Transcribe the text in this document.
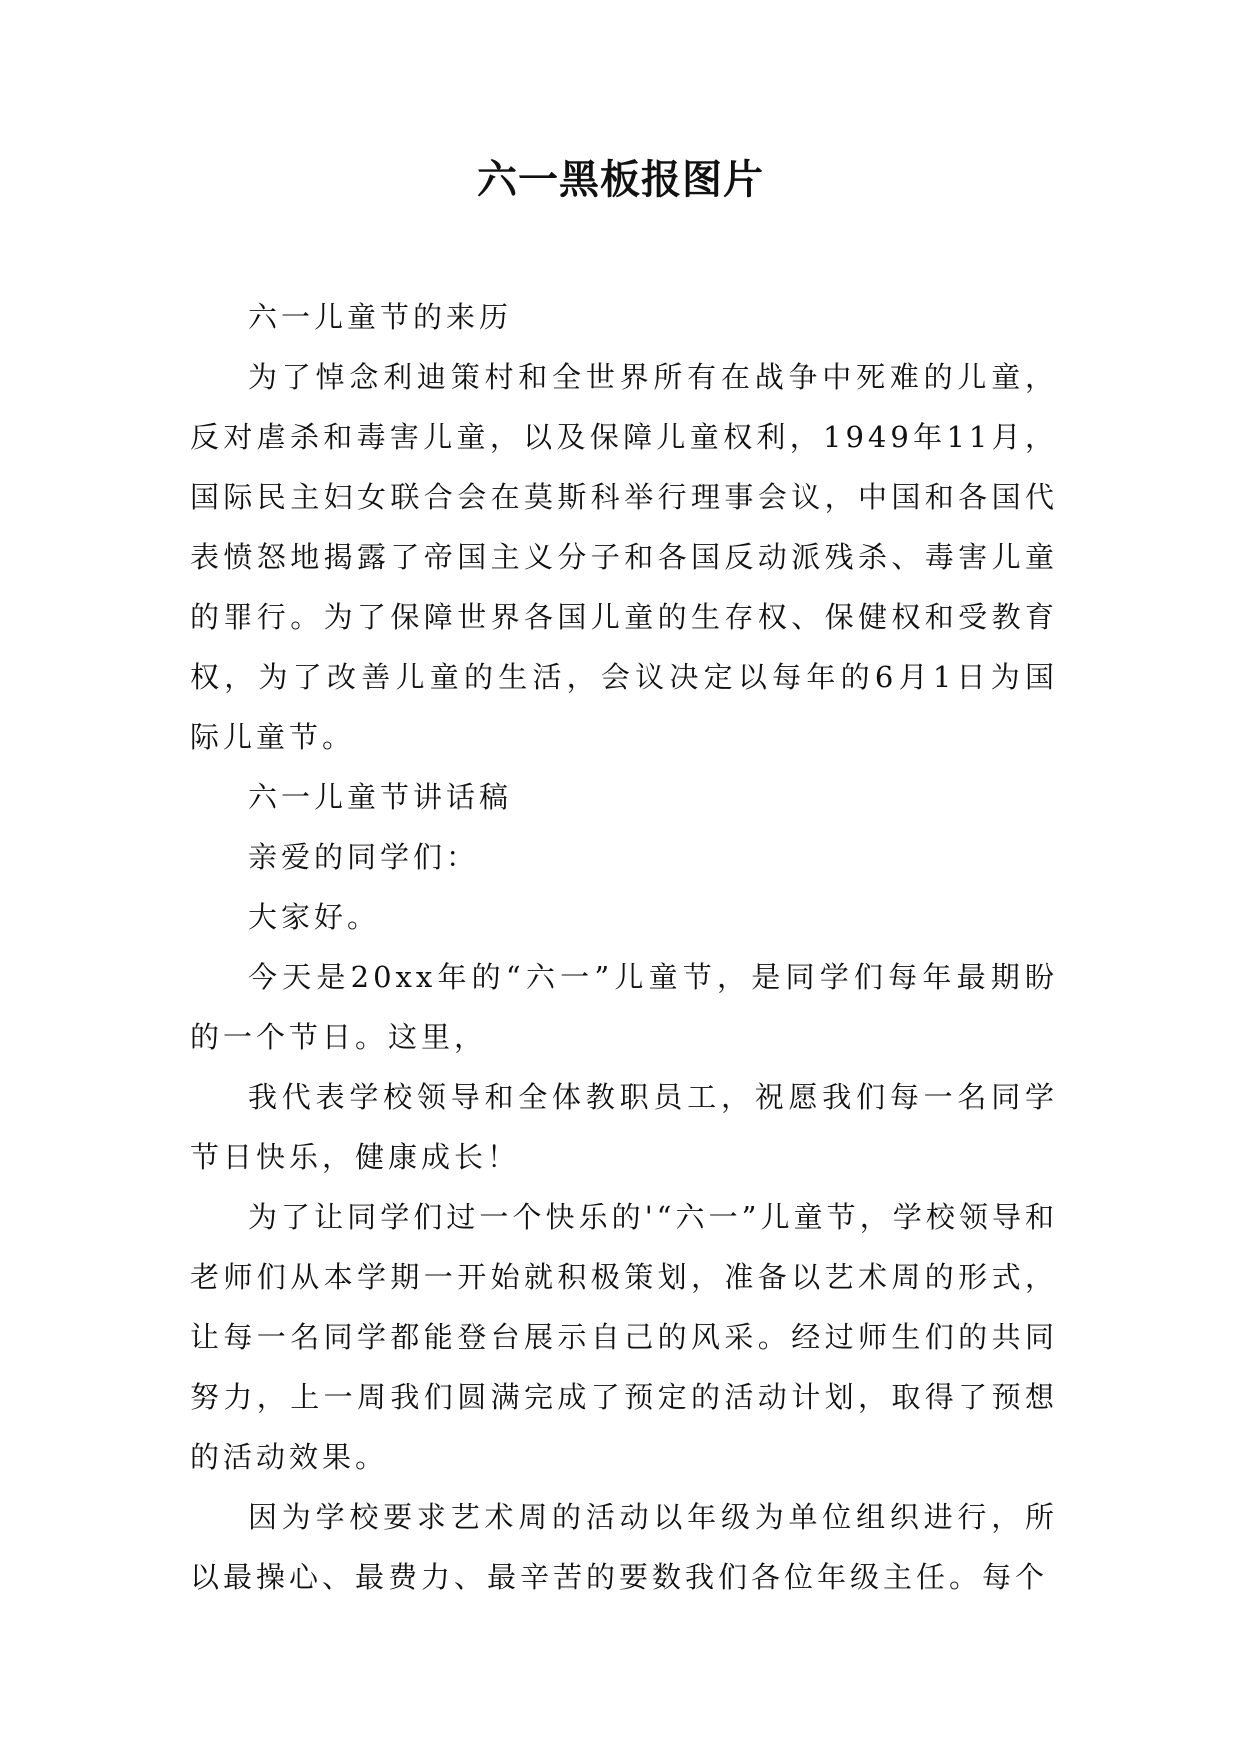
六一黑板报图片

六一儿童节的来历

为了悼念利迪策村和全世界所有在战争中死难的儿童，反对虐杀和毒害儿童，以及保障儿童权利，1949年11月，国际民主妇女联合会在莫斯科举行理事会议，中国和各国代表愤怒地揭露了帝国主义分子和各国反动派残杀、毒害儿童的罪行。为了保障世界各国儿童的生存权、保健权和受教育权，为了改善儿童的生活，会议决定以每年的6月1日为国际儿童节。

六一儿童节讲话稿

亲爱的同学们：

大家好。

今天是20xx年的“六一”儿童节，是同学们每年最期盼的一个节日。这里，

我代表学校领导和全体教职员工，祝愿我们每一名同学节日快乐，健康成长！

为了让同学们过一个快乐的'“六一”儿童节，学校领导和老师们从本学期一开始就积极策划，准备以艺术周的形式，让每一名同学都能登台展示自己的风采。经过师生们的共同努力，上一周我们圆满完成了预定的活动计划，取得了预想的活动效果。

因为学校要求艺术周的活动以年级为单位组织进行，所以最操心、最费力、最辛苦的要数我们各位年级主任。每个
